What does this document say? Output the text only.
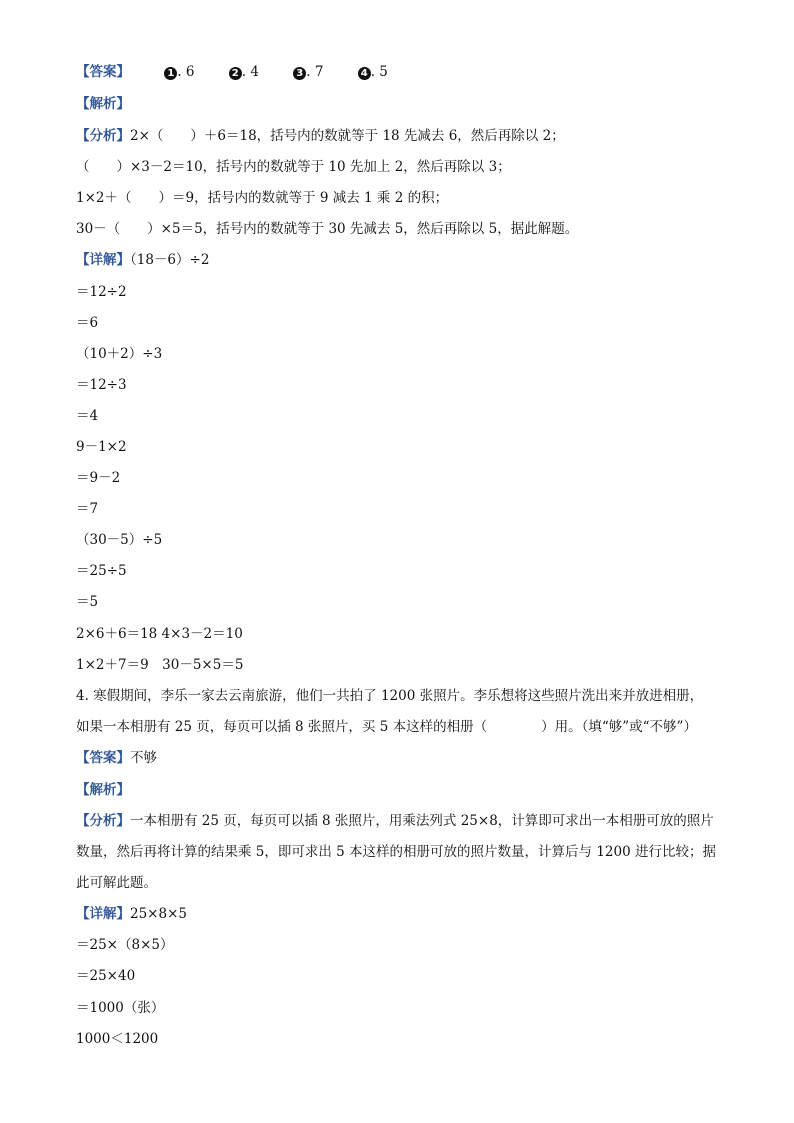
【答案】	1 . 6	2 . 4	3 . 7	4 . 5
【解析】
【分析】2×（　　）＋6＝18，括号内的数就等于 18 先减去 6，然后再除以 2；
（　　）×3－2＝10，括号内的数就等于 10 先加上 2，然后再除以 3；
1×2＋（　　）＝9，括号内的数就等于 9 减去 1 乘 2 的积；
30－（　　）×5＝5，括号内的数就等于 30 先减去 5，然后再除以 5，据此解题。
【详解】（18－6）÷2
＝12÷2
＝6
（10＋2）÷3
＝12÷3
＝4
9－1×2
＝9－2
＝7
（30－5）÷5
＝25÷5
＝5
2×6＋6＝18 4×3－2＝10
1×2＋7＝9　30－5×5＝5
4. 寒假期间，李乐一家去云南旅游，他们一共拍了 1200 张照片。李乐想将这些照片洗出来并放进相册，
如果一本相册有 25 页，每页可以插 8 张照片，买 5 本这样的相册（　　　　）用。（填“够”或“不够”）
【答案】不够
【解析】
【分析】一本相册有 25 页，每页可以插 8 张照片，用乘法列式 25×8，计算即可求出一本相册可放的照片
数量，然后再将计算的结果乘 5，即可求出 5 本这样的相册可放的照片数量，计算后与 1200 进行比较；据
此可解此题。
【详解】25×8×5
＝25×（8×5）
＝25×40
＝1000（张）
1000＜1200
